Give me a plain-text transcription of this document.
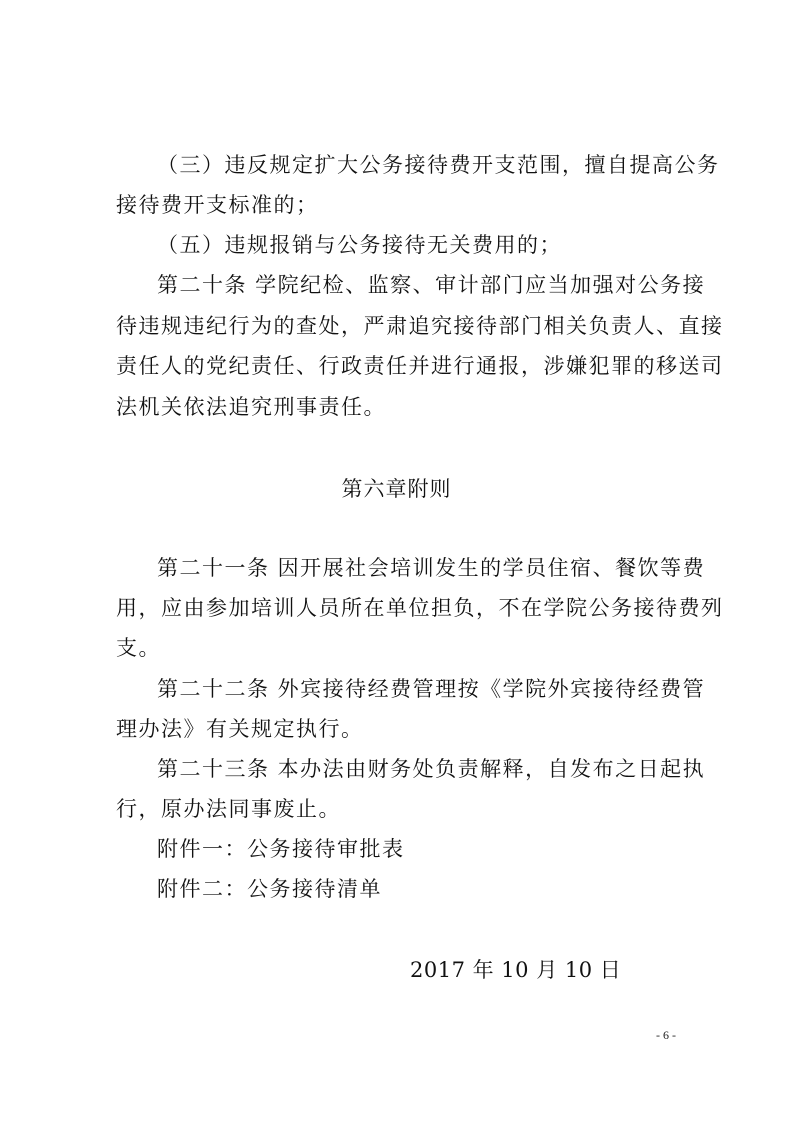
（三）违反规定扩大公务接待费开支范围，擅自提高公务
接待费开支标准的；
（五）违规报销与公务接待无关费用的；
第二十条 学院纪检、监察、审计部门应当加强对公务接
待违规违纪行为的查处，严肃追究接待部门相关负责人、直接
责任人的党纪责任、行政责任并进行通报，涉嫌犯罪的移送司
法机关依法追究刑事责任。
第六章附则
第二十一条 因开展社会培训发生的学员住宿、餐饮等费
用，应由参加培训人员所在单位担负，不在学院公务接待费列
支。
第二十二条 外宾接待经费管理按《学院外宾接待经费管
理办法》有关规定执行。
第二十三条 本办法由财务处负责解释，自发布之日起执
行，原办法同事废止。
附件一：公务接待审批表
附件二：公务接待清单
2017 年 10 月 10 日
- 6 -
